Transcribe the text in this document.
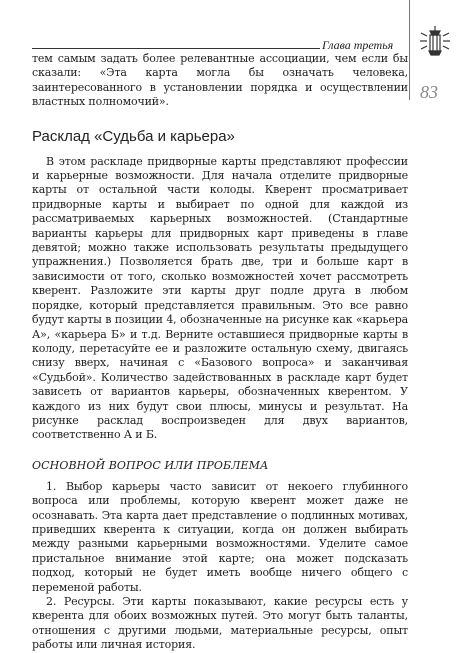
Глава третья
83

тем самым задать более релевантные ассоциации, чем если бы сказали: «Эта карта могла бы означать человека, заинтересованного в установлении порядка и осуществлении властных полномочий».

Расклад «Судьба и карьера»

В этом раскладе придворные карты представляют профессии и карьерные возможности. Для начала отделите придворные карты от остальной части колоды. Кверент просматривает придворные карты и выбирает по одной для каждой из рассматриваемых карьерных возможностей. (Стандартные варианты карьеры для придворных карт приведены в главе девятой; можно также использовать результаты предыдущего упражнения.) Позволяется брать две, три и больше карт в зависимости от того, сколько возможностей хочет рассмотреть кверент. Разложите эти карты друг подле друга в любом порядке, который представляется правильным. Это все равно будут карты в позиции 4, обозначенные на рисунке как «карьера А», «карьера Б» и т.д. Верните оставшиеся придворные карты в колоду, перетасуйте ее и разложите остальную схему, двигаясь снизу вверх, начиная с «Базового вопроса» и заканчивая «Судьбой». Количество задействованных в раскладе карт будет зависеть от вариантов карьеры, обозначенных кверентом. У каждого из них будут свои плюсы, минусы и результат. На рисунке расклад воспроизведен для двух вариантов, соответственно А и Б.

ОСНОВНОЙ ВОПРОС ИЛИ ПРОБЛЕМА

1. Выбор карьеры часто зависит от некоего глубинного вопроса или проблемы, которую кверент может даже не осознавать. Эта карта дает представление о подлинных мотивах, приведших кверента к ситуации, когда он должен выбирать между разными карьерными возможностями. Уделите самое пристальное внимание этой карте; она может подсказать подход, который не будет иметь вообще ничего общего с переменой работы.

2. Ресурсы. Эти карты показывают, какие ресурсы есть у кверента для обоих возможных путей. Это могут быть таланты, отношения с другими людьми, материальные ресурсы, опыт работы или личная история.
